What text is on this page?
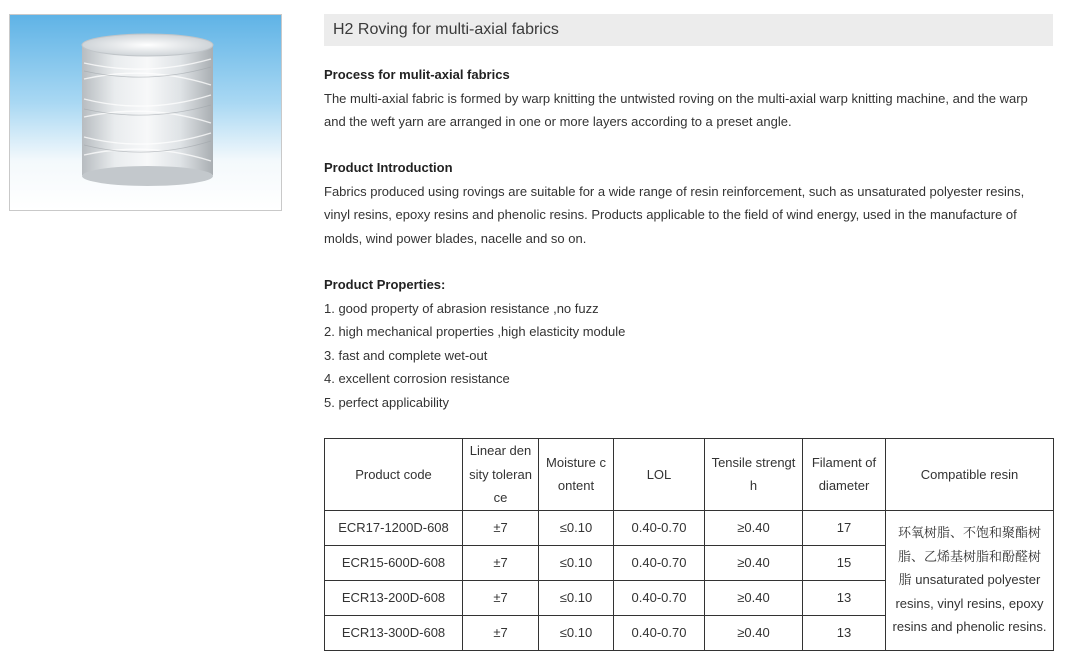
H2 Roving for multi-axial fabrics

Process for mulit-axial fabrics

The multi-axial fabric is formed by warp knitting the untwisted roving on the multi-axial warp knitting machine, and the warp and the weft yarn are arranged in one or more layers according to a preset angle.

Product Introduction

Fabrics produced using rovings are suitable for a wide range of resin reinforcement, such as unsaturated polyester resins, vinyl resins, epoxy resins and phenolic resins. Products applicable to the field of wind energy, used in the manufacture of molds, wind power blades, nacelle and so on.

Product Properties:

1. good property of abrasion resistance ,no fuzz
2. high mechanical properties ,high elasticity module
3. fast and complete wet-out
4. excellent corrosion resistance
5. perfect applicability
Product code	Linear density tolerance	Moisture content	LOL	Tensile strength	Filament of diameter	Compatible resin
ECR17-1200D-608	±7	≤0.10	0.40-0.70	≥0.40	17	环氧树脂、不饱和聚酯树脂、乙烯基树脂和酚醛树脂 unsaturated polyester resins, vinyl resins, epoxy resins and phenolic resins.
ECR15-600D-608	±7	≤0.10	0.40-0.70	≥0.40	15	
ECR13-200D-608	±7	≤0.10	0.40-0.70	≥0.40	13	
ECR13-300D-608	±7	≤0.10	0.40-0.70	≥0.40	13	
